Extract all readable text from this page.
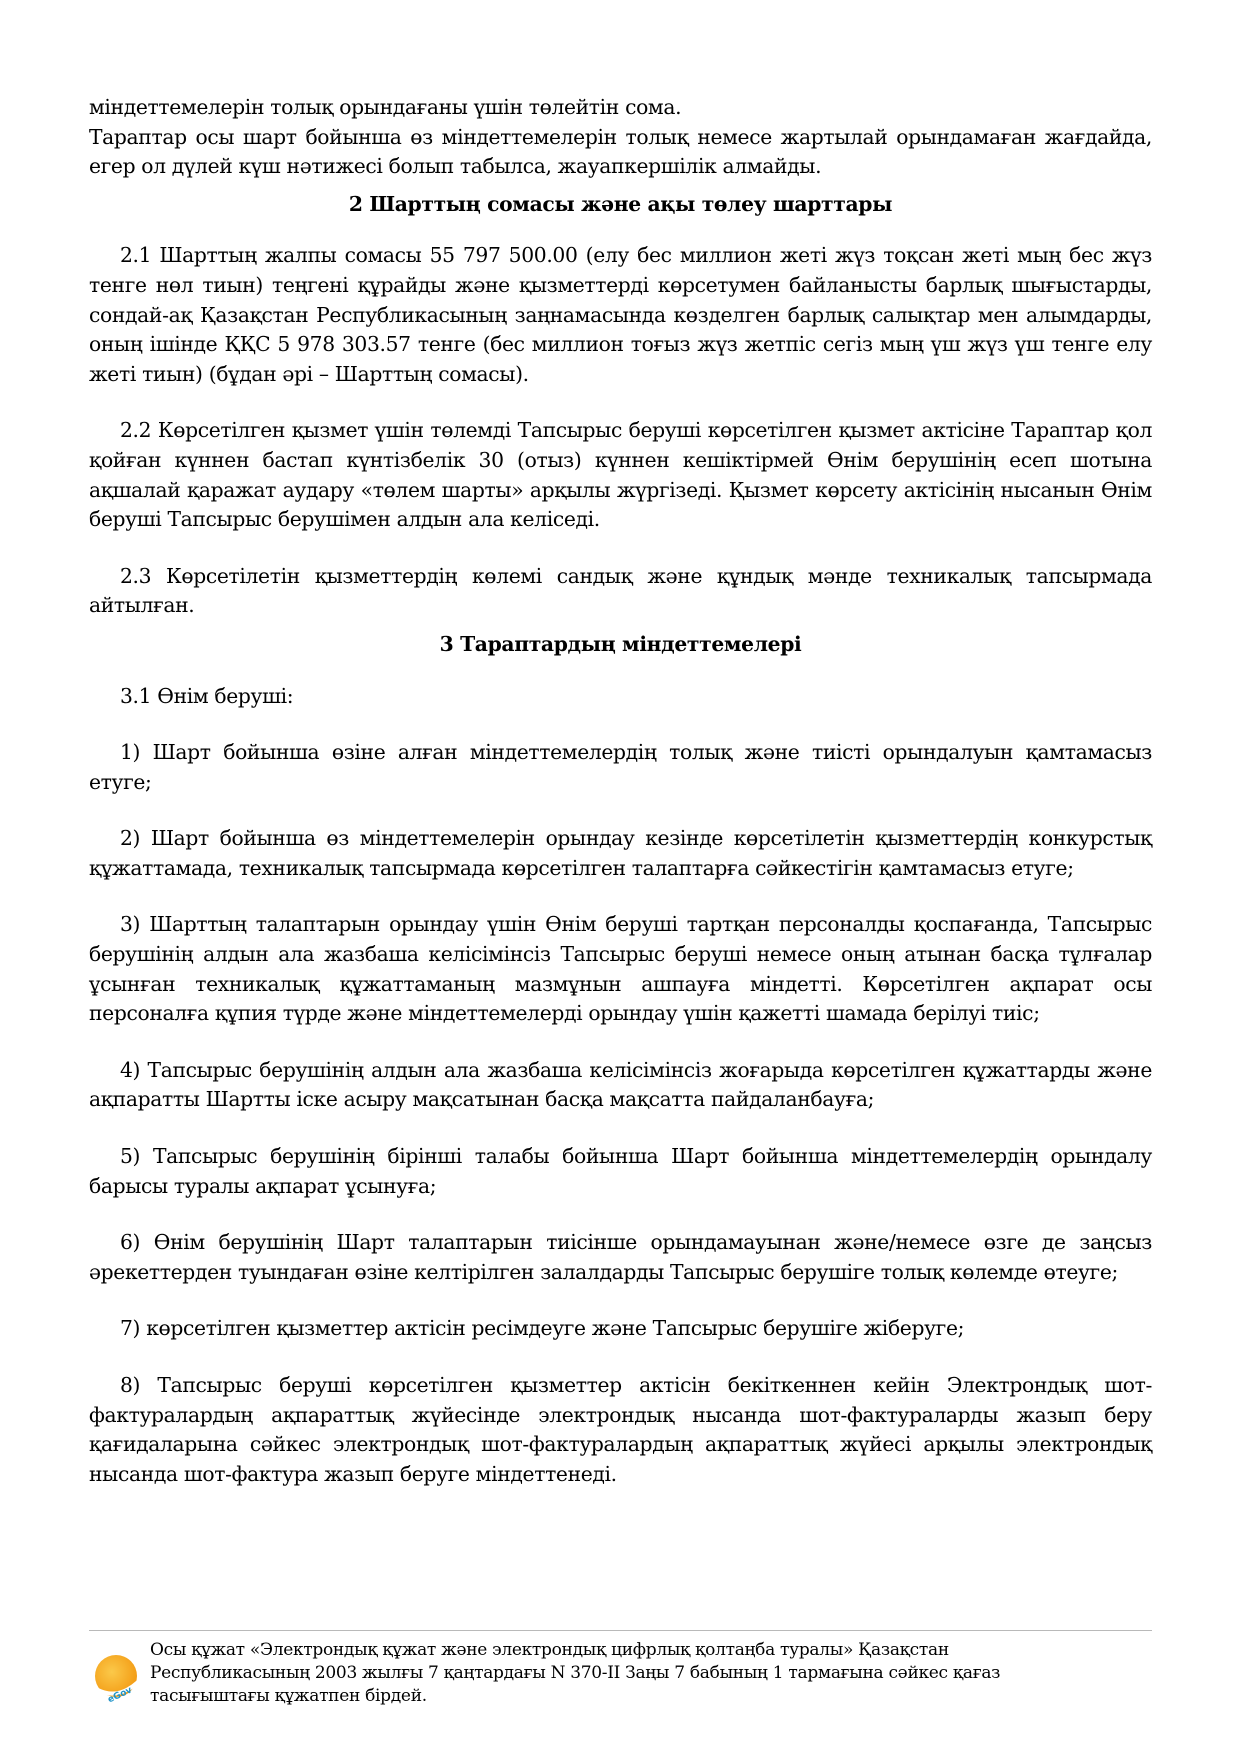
міндеттемелерін толық орындағаны үшін төлейтін сома.

Тараптар осы шарт бойынша өз міндеттемелерін толық немесе жартылай орындамаған жағдайда, егер ол дүлей күш нәтижесі болып табылса, жауапкершілік алмайды.

2 Шарттың сомасы және ақы төлеу шарттары

2.1 Шарттың жалпы сомасы 55 797 500.00 (елу бес миллион жеті жүз тоқсан жеті мың бес жүз тенге нөл тиын) теңгені құрайды және қызметтерді көрсетумен байланысты барлық шығыстарды, сондай-ақ Қазақстан Республикасының заңнамасында көзделген барлық салықтар мен алымдарды, оның ішінде ҚҚС 5 978 303.57 тенге (бес миллион тоғыз жүз жетпіс сегіз мың үш жүз үш тенге елу жеті тиын) (бұдан әрі – Шарттың сомасы).

2.2 Көрсетілген қызмет үшін төлемді Тапсырыс беруші көрсетілген қызмет актісіне Тараптар қол қойған күннен бастап күнтізбелік 30 (отыз) күннен кешіктірмей Өнім берушінің есеп шотына ақшалай қаражат аудару «төлем шарты» арқылы жүргізеді. Қызмет көрсету актісінің нысанын Өнім беруші Тапсырыс берушімен алдын ала келіседі.

2.3 Көрсетілетін қызметтердің көлемі сандық және құндық мәнде техникалық тапсырмада айтылған.

3 Тараптардың міндеттемелері

3.1 Өнім беруші:

1) Шарт бойынша өзіне алған міндеттемелердің толық және тиісті орындалуын қамтамасыз етуге;

2) Шарт бойынша өз міндеттемелерін орындау кезінде көрсетілетін қызметтердің конкурстық құжаттамада, техникалық тапсырмада көрсетілген талаптарға сәйкестігін қамтамасыз етуге;

3) Шарттың талаптарын орындау үшін Өнім беруші тартқан персоналды қоспағанда, Тапсырыс берушінің алдын ала жазбаша келісімінсіз Тапсырыс беруші немесе оның атынан басқа тұлғалар ұсынған техникалық құжаттаманың мазмұнын ашпауға міндетті. Көрсетілген ақпарат осы персоналға құпия түрде және міндеттемелерді орындау үшін қажетті шамада берілуі тиіс;

4) Тапсырыс берушінің алдын ала жазбаша келісімінсіз жоғарыда көрсетілген құжаттарды және ақпаратты Шартты іске асыру мақсатынан басқа мақсатта пайдаланбауға;

5) Тапсырыс берушінің бірінші талабы бойынша Шарт бойынша міндеттемелердің орындалу барысы туралы ақпарат ұсынуға;

6) Өнім берушінің Шарт талаптарын тиісінше орындамауынан және/немесе өзге де заңсыз әрекеттерден туындаған өзіне келтірілген залалдарды Тапсырыс берушіге толық көлемде өтеуге;

7) көрсетілген қызметтер актісін ресімдеуге және Тапсырыс берушіге жіберуге;

8) Тапсырыс беруші көрсетілген қызметтер актісін бекіткеннен кейін Электрондық шот-фактуралардың ақпараттық жүйесінде электрондық нысанда шот-фактураларды жазып беру қағидаларына сәйкес электрондық шот-фактуралардың ақпараттық жүйесі арқылы электрондық нысанда шот-фактура жазып беруге міндеттенеді.

eGov
Осы құжат «Электрондық құжат және электрондық цифрлық қолтаңба туралы» Қазақстан
Республикасының 2003 жылғы 7 қаңтардағы N 370-II Заңы 7 бабының 1 тармағына сәйкес қағаз
тасығыштағы құжатпен бірдей.
